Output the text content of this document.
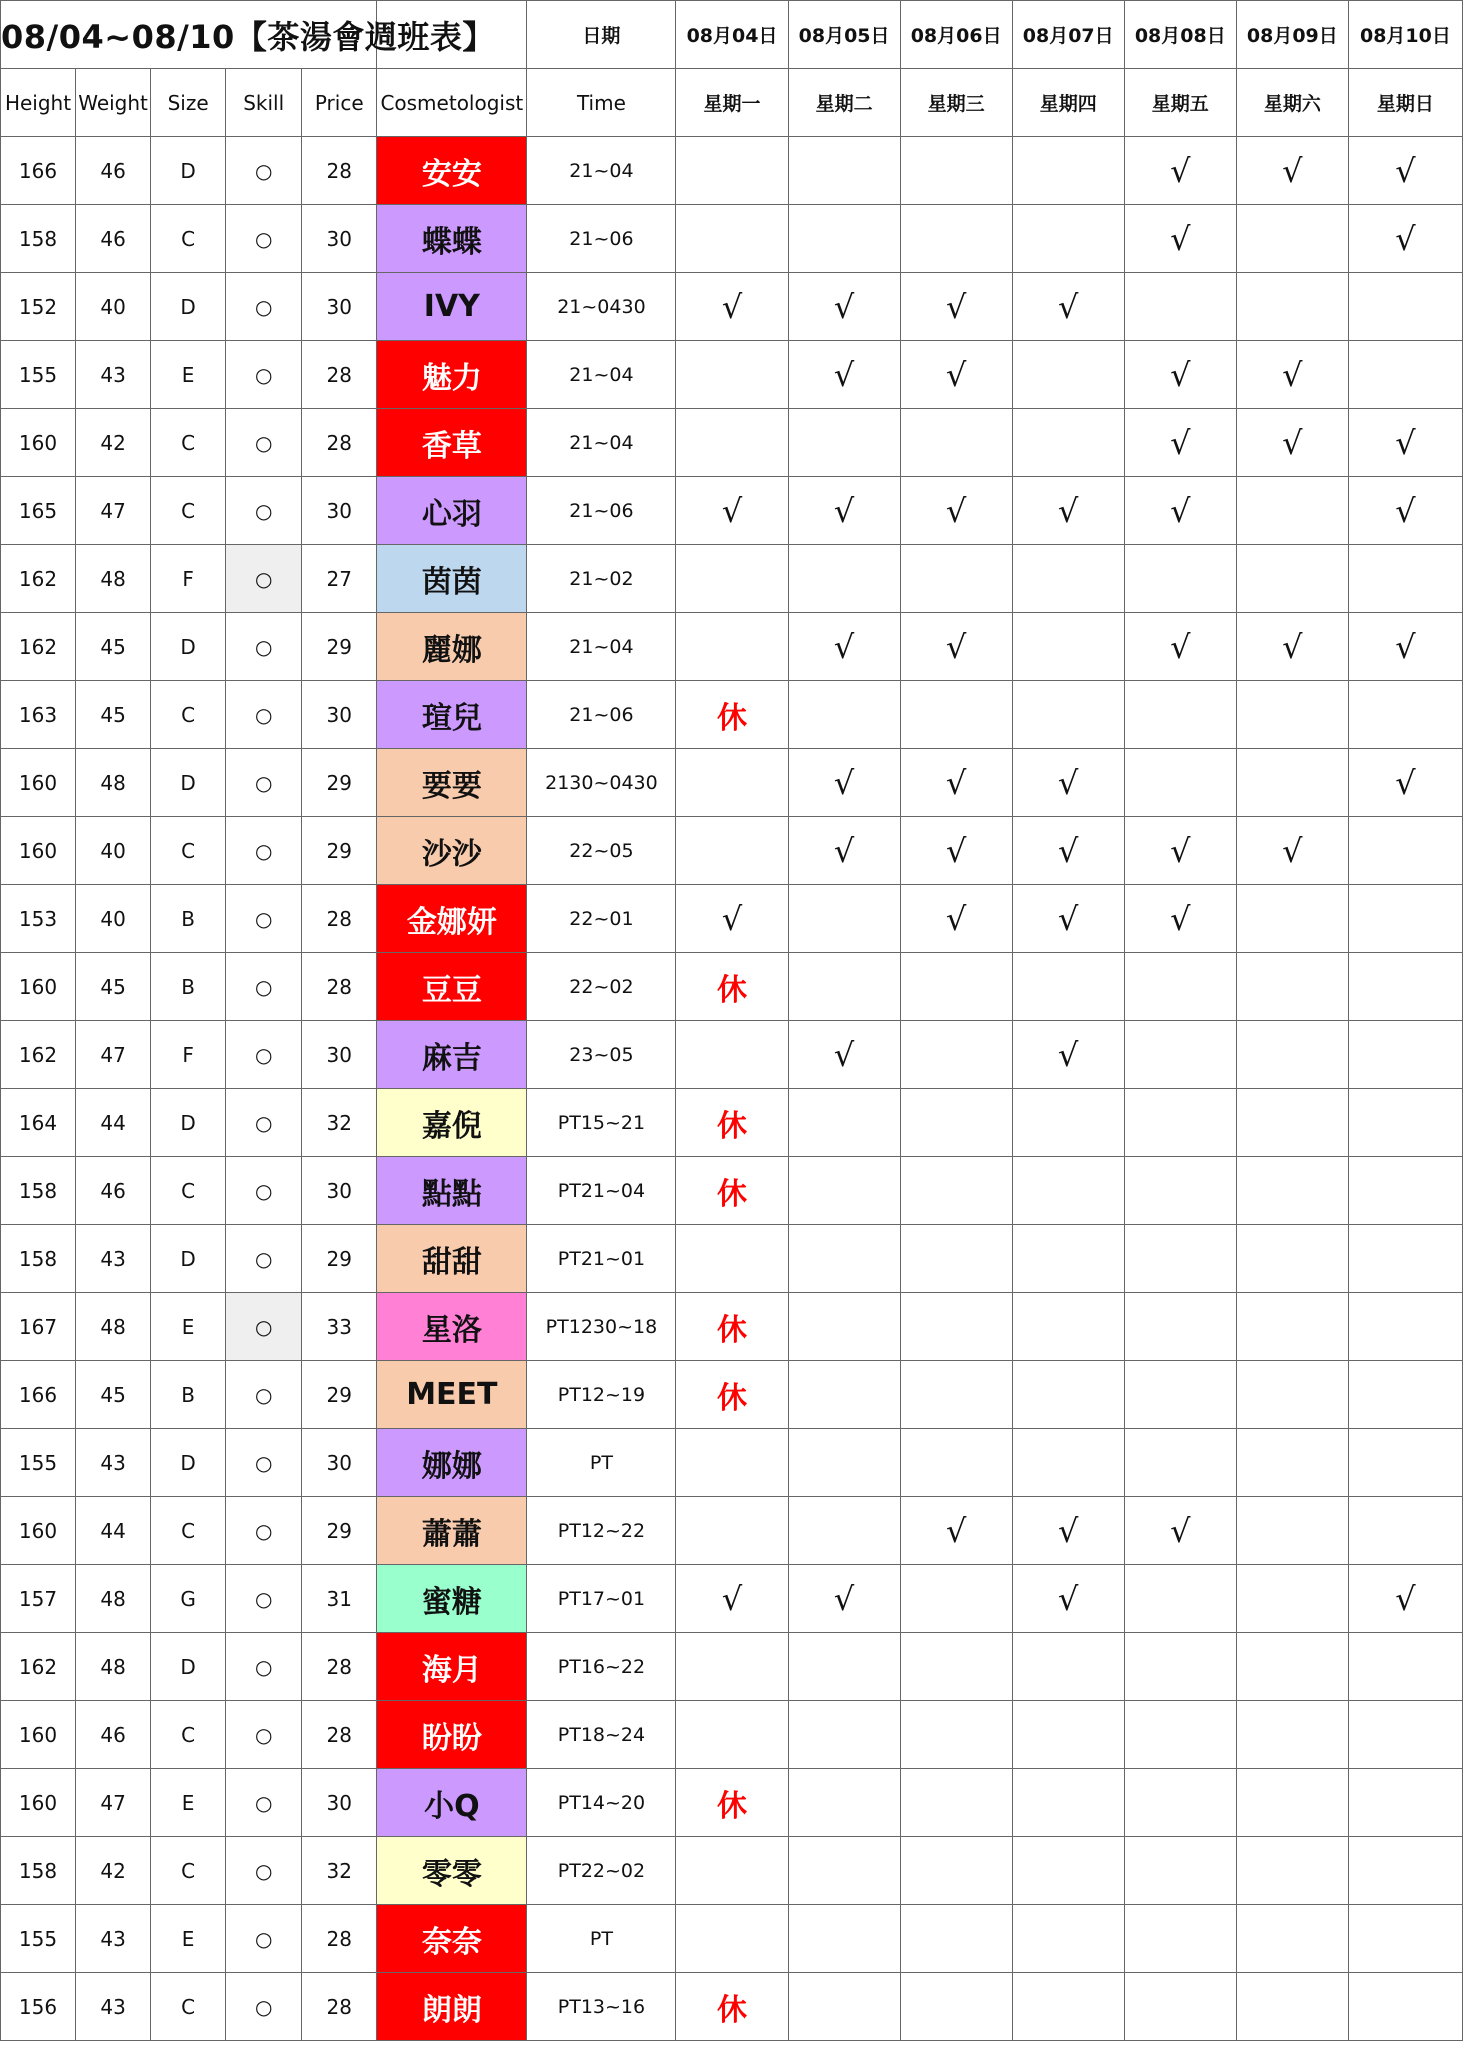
08/04~08/10【茶湯會週班表】						日期	08月04日	08月05日	08月06日	08月07日	08月08日	08月09日	08月10日
Height	Weight	Size	Skill	Price	Cosmetologist	Time	星期一	星期二	星期三	星期四	星期五	星期六	星期日
166	46	D	○	28	安安	21~04					√	√	√
158	46	C	○	30	蝶蝶	21~06					√		√
152	40	D	○	30	IVY	21~0430	√	√	√	√			
155	43	E	○	28	魅力	21~04		√	√		√	√	
160	42	C	○	28	香草	21~04					√	√	√
165	47	C	○	30	心羽	21~06	√	√	√	√	√		√
162	48	F	○	27	茵茵	21~02							
162	45	D	○	29	麗娜	21~04		√	√		√	√	√
163	45	C	○	30	瑄兒	21~06	休						
160	48	D	○	29	要要	2130~0430		√	√	√			√
160	40	C	○	29	沙沙	22~05		√	√	√	√	√	
153	40	B	○	28	金娜妍	22~01	√		√	√	√		
160	45	B	○	28	豆豆	22~02	休						
162	47	F	○	30	麻吉	23~05		√		√			
164	44	D	○	32	嘉倪	PT15~21	休						
158	46	C	○	30	點點	PT21~04	休						
158	43	D	○	29	甜甜	PT21~01							
167	48	E	○	33	星洛	PT1230~18	休						
166	45	B	○	29	MEET	PT12~19	休						
155	43	D	○	30	娜娜	PT							
160	44	C	○	29	蕭蕭	PT12~22			√	√	√		
157	48	G	○	31	蜜糖	PT17~01	√	√		√			√
162	48	D	○	28	海月	PT16~22							
160	46	C	○	28	盼盼	PT18~24							
160	47	E	○	30	小Q	PT14~20	休						
158	42	C	○	32	零零	PT22~02							
155	43	E	○	28	奈奈	PT							
156	43	C	○	28	朗朗	PT13~16	休						
